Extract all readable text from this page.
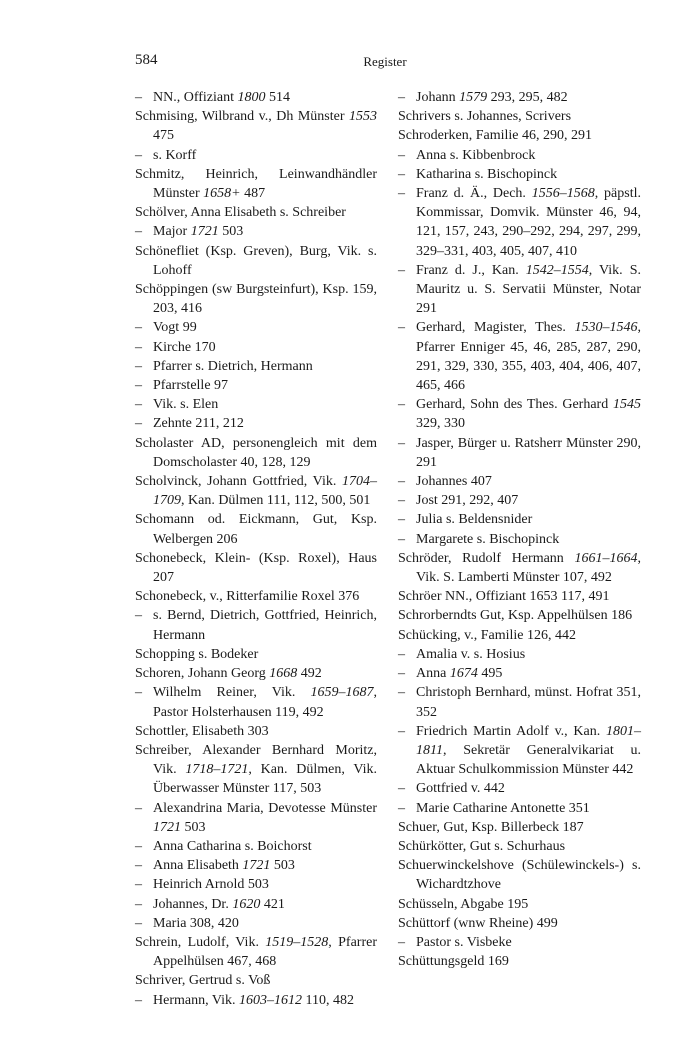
584	Register
– NN., Offiziant 1800 514
Schmising, Wilbrand v., Dh Münster 1553 475
– s. Korff
Schmitz, Heinrich, Leinwandhändler Münster 1658+ 487
Schölver, Anna Elisabeth s. Schreiber
– Major 1721 503
Schönefliet (Ksp. Greven), Burg, Vik. s. Lohoff
Schöppingen (sw Burgsteinfurt), Ksp. 159, 203, 416
– Vogt 99
– Kirche 170
– Pfarrer s. Dietrich, Hermann
– Pfarrstelle 97
– Vik. s. Elen
– Zehnte 211, 212
Scholaster AD, personengleich mit dem Domscholaster 40, 128, 129
Scholvinck, Johann Gottfried, Vik. 1704–1709, Kan. Dülmen 111, 112, 500, 501
Schomann od. Eickmann, Gut, Ksp. Welbergen 206
Schonebeck, Klein- (Ksp. Roxel), Haus 207
Schonebeck, v., Ritterfamilie Roxel 376
– s. Bernd, Dietrich, Gottfried, Heinrich, Hermann
Schopping s. Bodeker
Schoren, Johann Georg 1668 492
– Wilhelm Reiner, Vik. 1659–1687, Pastor Holsterhausen 119, 492
Schottler, Elisabeth 303
Schreiber, Alexander Bernhard Moritz, Vik. 1718–1721, Kan. Dülmen, Vik. Überwasser Münster 117, 503
– Alexandrina Maria, Devotesse Münster 1721 503
– Anna Catharina s. Boichorst
– Anna Elisabeth 1721 503
– Heinrich Arnold 503
– Johannes, Dr. 1620 421
– Maria 308, 420
Schrein, Ludolf, Vik. 1519–1528, Pfarrer Appelhülsen 467, 468
Schriver, Gertrud s. Voß
– Hermann, Vik. 1603–1612 110, 482
– Johann 1579 293, 295, 482
Schrivers s. Johannes, Scrivers
Schroderken, Familie 46, 290, 291
– Anna s. Kibbenbrock
– Katharina s. Bischopinck
– Franz d. Ä., Dech. 1556–1568, päpstl. Kommissar, Domvik. Münster 46, 94, 121, 157, 243, 290–292, 294, 297, 299, 329–331, 403, 405, 407, 410
– Franz d. J., Kan. 1542–1554, Vik. S. Mauritz u. S. Servatii Münster, Notar 291
– Gerhard, Magister, Thes. 1530–1546, Pfarrer Enniger 45, 46, 285, 287, 290, 291, 329, 330, 355, 403, 404, 406, 407, 465, 466
– Gerhard, Sohn des Thes. Gerhard 1545 329, 330
– Jasper, Bürger u. Ratsherr Münster 290, 291
– Johannes 407
– Jost 291, 292, 407
– Julia s. Beldensnider
– Margarete s. Bischopinck
Schröder, Rudolf Hermann 1661–1664, Vik. S. Lamberti Münster 107, 492
Schröer NN., Offiziant 1653 117, 491
Schrorberndts Gut, Ksp. Appelhülsen 186
Schücking, v., Familie 126, 442
– Amalia v. s. Hosius
– Anna 1674 495
– Christoph Bernhard, münst. Hofrat 351, 352
– Friedrich Martin Adolf v., Kan. 1801–1811, Sekretär Generalvikariat u. Aktuar Schulkommission Münster 442
– Gottfried v. 442
– Marie Catharine Antonette 351
Schuer, Gut, Ksp. Billerbeck 187
Schürkötter, Gut s. Schurhaus
Schuerwinckelshove (Schülewinckels-) s. Wichardtzhove
Schüsseln, Abgabe 195
Schüttorf (wnw Rheine) 499
– Pastor s. Visbeke
Schüttungsgeld 169
